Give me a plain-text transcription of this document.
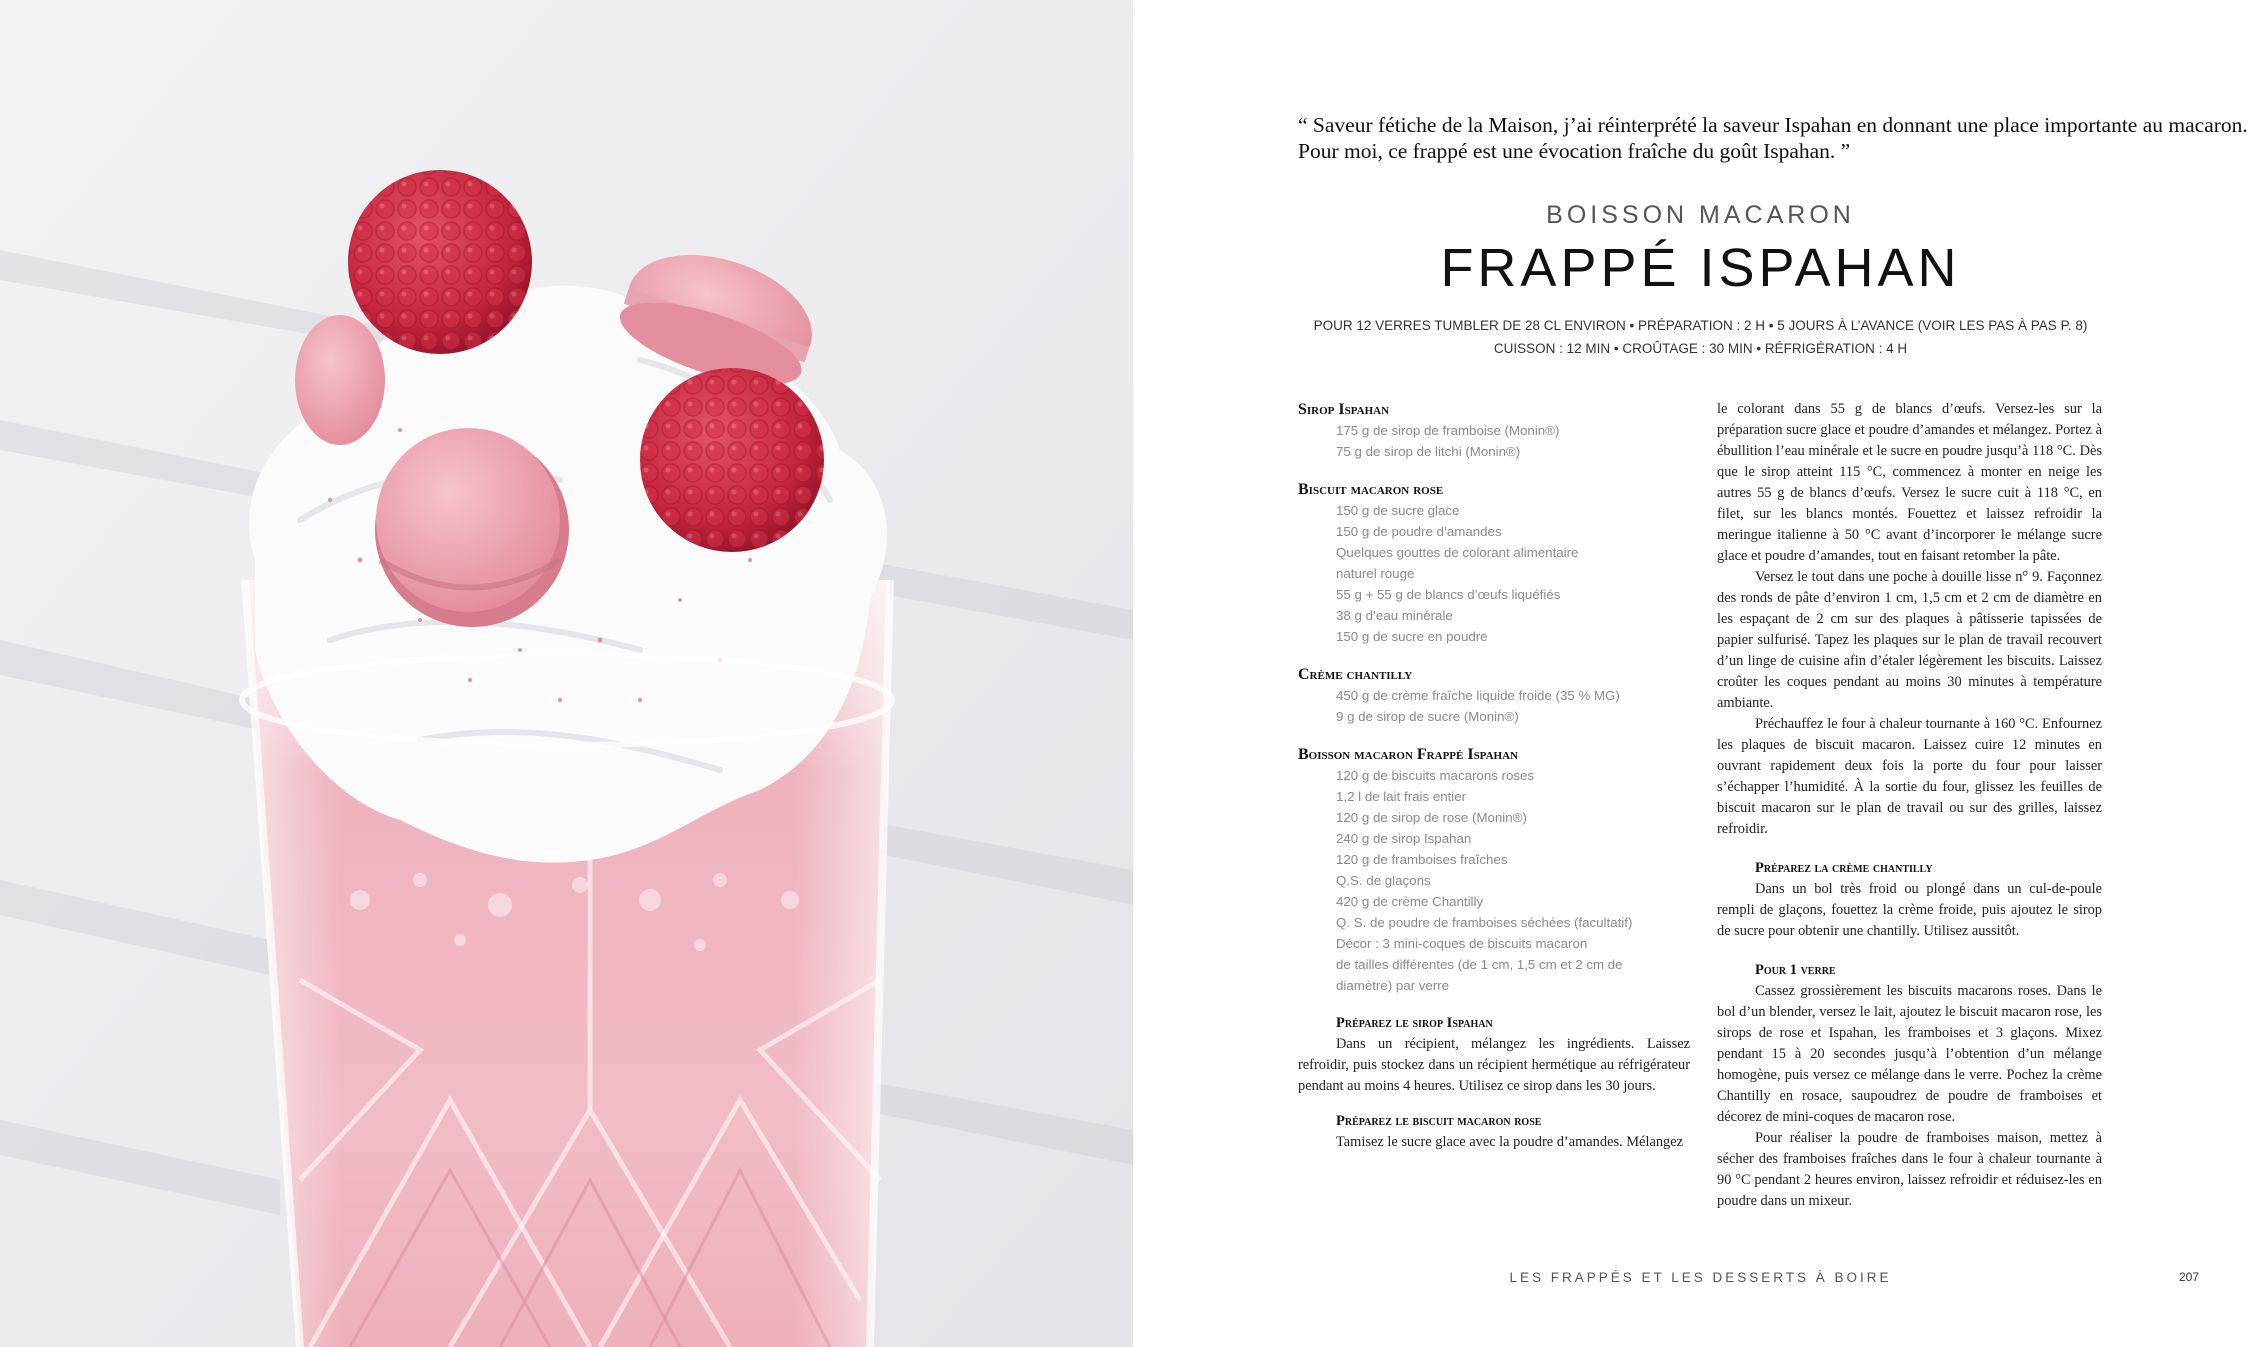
“ Saveur fétiche de la Maison, j’ai réinterprété la saveur Ispahan en donnant une place importante au macaron. Pour moi, ce frappé est une évocation fraîche du goût Ispahan. ”
BOISSON MACARON
FRAPPÉ ISPAHAN
POUR 12 VERRES TUMBLER DE 28 CL ENVIRON • PRÉPARATION : 2 H • 5 JOURS À L’AVANCE (VOIR LES PAS À PAS P. 8)
CUISSON : 12 MIN • CROÛTAGE : 30 MIN • RÉFRIGÉRATION : 4 H
Sirop Ispahan
175 g de sirop de framboise (Monin®)
75 g de sirop de litchi (Monin®)
Biscuit macaron rose
150 g de sucre glace
150 g de poudre d’amandes
Quelques gouttes de colorant alimentaire
naturel rouge
55 g + 55 g de blancs d’œufs liquéfiés
38 g d’eau minérale
150 g de sucre en poudre
Crème chantilly
450 g de crème fraîche liquide froide (35 % MG)
9 g de sirop de sucre (Monin®)
Boisson macaron Frappé Ispahan
120 g de biscuits macarons roses
1,2 l de lait frais entier
120 g de sirop de rose (Monin®)
240 g de sirop Ispahan
120 g de framboises fraîches
Q.S. de glaçons
420 g de crème Chantilly
Q. S. de poudre de framboises séchées (facultatif)
Décor : 3 mini-coques de biscuits macaron
de tailles différentes (de 1 cm, 1,5 cm et 2 cm de
diamètre) par verre
Préparez le sirop Ispahan

Dans un récipient, mélangez les ingrédients. Laissez refroidir, puis stockez dans un récipient hermétique au réfrigérateur pendant au moins 4 heures. Utilisez ce sirop dans les 30 jours.

Préparez le biscuit macaron rose

Tamisez le sucre glace avec la poudre d’amandes. Mélangez

le colorant dans 55 g de blancs d’œufs. Versez-les sur la préparation sucre glace et poudre d’amandes et mélangez. Portez à ébullition l’eau minérale et le sucre en poudre jusqu’à 118 °C. Dès que le sirop atteint 115 °C, commencez à monter en neige les autres 55 g de blancs d’œufs. Versez le sucre cuit à 118 °C, en filet, sur les blancs montés. Fouettez et laissez refroidir la meringue italienne à 50 °C avant d’incorporer le mélange sucre glace et poudre d’amandes, tout en faisant retomber la pâte.

Versez le tout dans une poche à douille lisse n° 9. Façonnez des ronds de pâte d’environ 1 cm, 1,5 cm et 2 cm de diamètre en les espaçant de 2 cm sur des plaques à pâtisserie tapissées de papier sulfurisé. Tapez les plaques sur le plan de travail recouvert d’un linge de cuisine afin d’étaler légèrement les biscuits. Laissez croûter les coques pendant au moins 30 minutes à température ambiante.

Préchauffez le four à chaleur tournante à 160 °C. Enfournez les plaques de biscuit macaron. Laissez cuire 12 minutes en ouvrant rapidement deux fois la porte du four pour laisser s’échapper l’humidité. À la sortie du four, glissez les feuilles de biscuit macaron sur le plan de travail ou sur des grilles, laissez refroidir.

Préparez la crème chantilly

Dans un bol très froid ou plongé dans un cul-de-poule rempli de glaçons, fouettez la crème froide, puis ajoutez le sirop de sucre pour obtenir une chantilly. Utilisez aussitôt.

Pour 1 verre

Cassez grossièrement les biscuits macarons roses. Dans le bol d’un blender, versez le lait, ajoutez le biscuit macaron rose, les sirops de rose et Ispahan, les framboises et 3 glaçons. Mixez pendant 15 à 20 secondes jusqu’à l’obtention d’un mélange homogène, puis versez ce mélange dans le verre. Pochez la crème Chantilly en rosace, saupoudrez de poudre de framboises et décorez de mini-coques de macaron rose.

Pour réaliser la poudre de framboises maison, mettez à sécher des framboises fraîches dans le four à chaleur tournante à 90 °C pendant 2 heures environ, laissez refroidir et réduisez-les en poudre dans un mixeur.

LES FRAPPÉS ET LES DESSERTS À BOIRE	207
